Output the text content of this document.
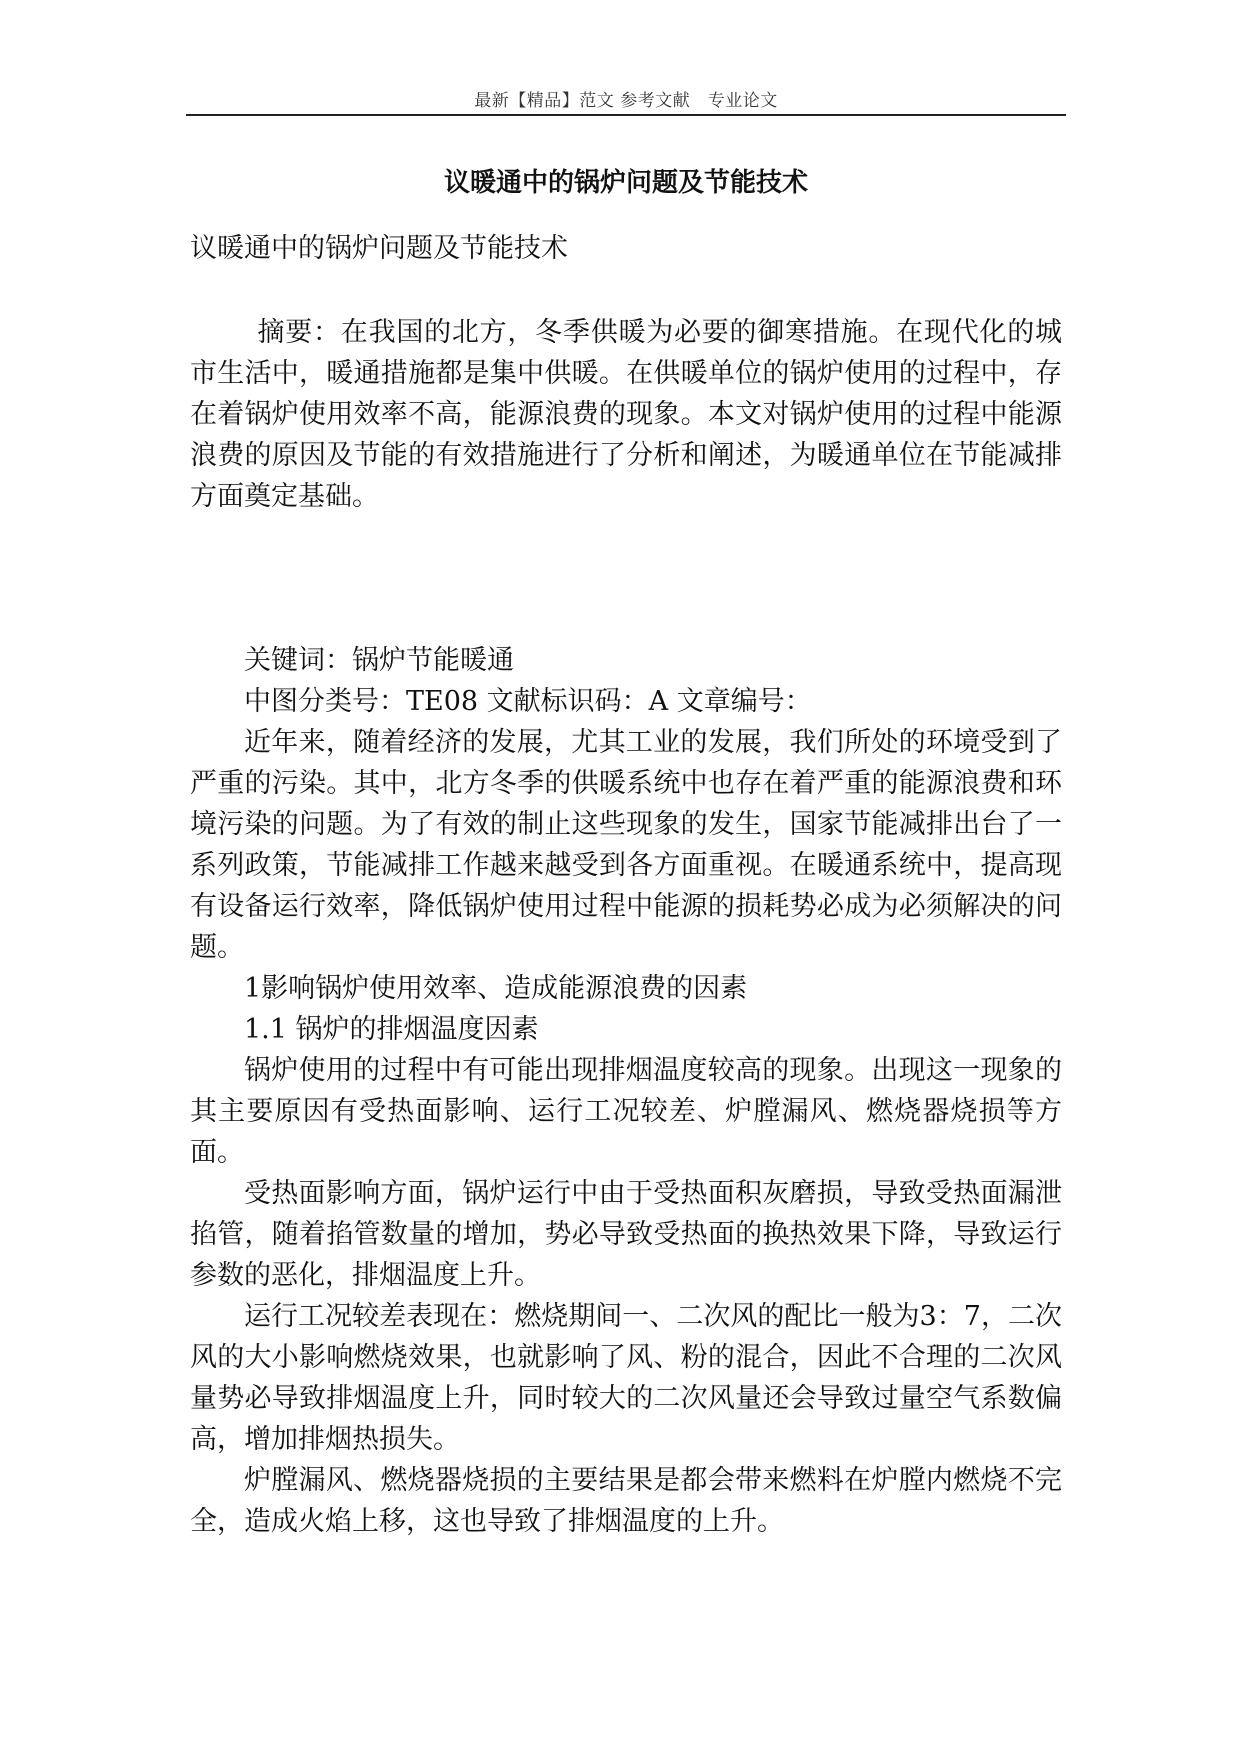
最新【精品】范文 参考文献　专业论文
议暖通中的锅炉问题及节能技术
议暖通中的锅炉问题及节能技术

摘要：在我国的北方，冬季供暖为必要的御寒措施。在现代化的城市生活中，暖通措施都是集中供暖。在供暖单位的锅炉使用的过程中，存在着锅炉使用效率不高，能源浪费的现象。本文对锅炉使用的过程中能源浪费的原因及节能的有效措施进行了分析和阐述，为暖通单位在节能减排方面奠定基础。

关键词：锅炉节能暖通

中图分类号：TE08 文献标识码：A 文章编号：

近年来，随着经济的发展，尤其工业的发展，我们所处的环境受到了严重的污染。其中，北方冬季的供暖系统中也存在着严重的能源浪费和环境污染的问题。为了有效的制止这些现象的发生，国家节能减排出台了一系列政策，节能减排工作越来越受到各方面重视。在暖通系统中，提高现有设备运行效率，降低锅炉使用过程中能源的损耗势必成为必须解决的问题。

1影响锅炉使用效率、造成能源浪费的因素

1.1 锅炉的排烟温度因素

锅炉使用的过程中有可能出现排烟温度较高的现象。出现这一现象的其主要原因有受热面影响、运行工况较差、炉膛漏风、燃烧器烧损等方面。

受热面影响方面，锅炉运行中由于受热面积灰磨损，导致受热面漏泄掐管，随着掐管数量的增加，势必导致受热面的换热效果下降，导致运行参数的恶化，排烟温度上升。

运行工况较差表现在：燃烧期间一、二次风的配比一般为3：7，二次风的大小影响燃烧效果，也就影响了风、粉的混合，因此不合理的二次风量势必导致排烟温度上升，同时较大的二次风量还会导致过量空气系数偏高，增加排烟热损失。

炉膛漏风、燃烧器烧损的主要结果是都会带来燃料在炉膛内燃烧不完全，造成火焰上移，这也导致了排烟温度的上升。
